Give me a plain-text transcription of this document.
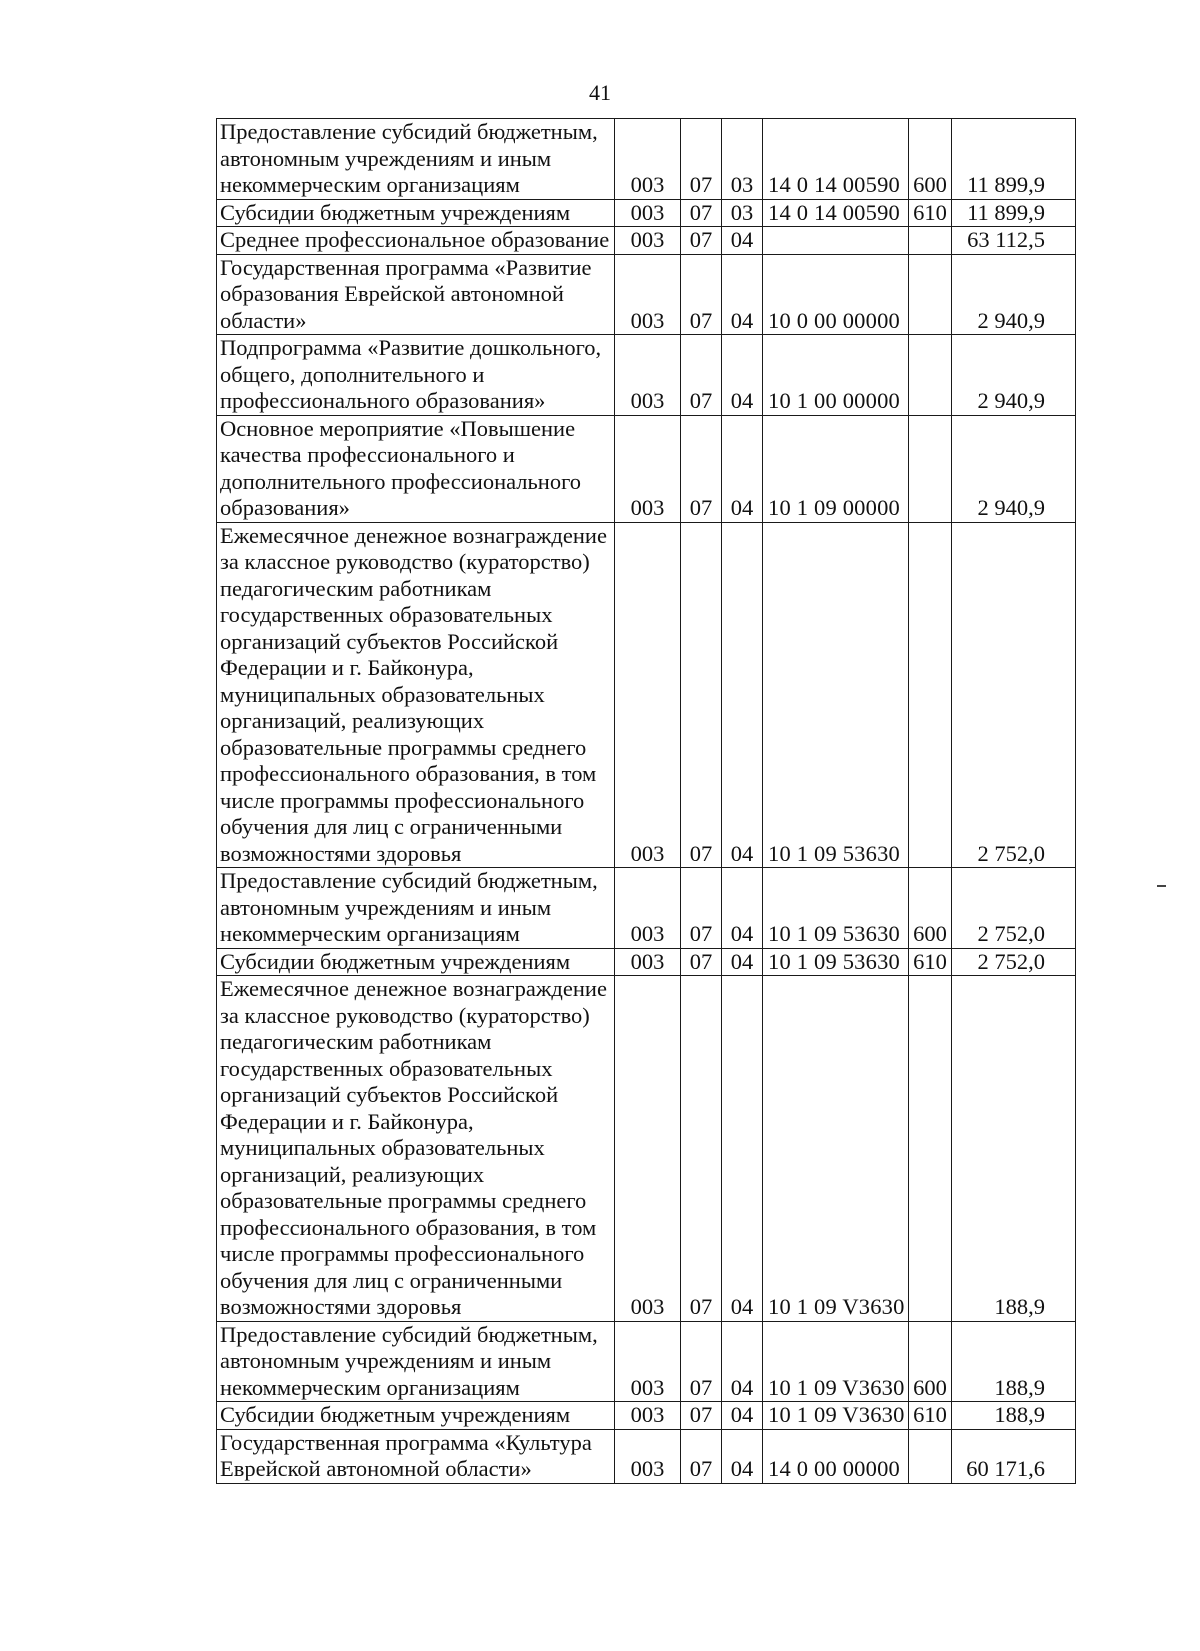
41
Предоставление субсидий бюджетным, автономным учреждениям и иным некоммерческим организациям	003	07	03	14 0 14 00590	600	11 899,9
Субсидии бюджетным учреждениям	003	07	03	14 0 14 00590	610	11 899,9
Среднее профессиональное образование	003	07	04			63 112,5
Государственная программа «Развитие образования Еврейской автономной области»	003	07	04	10 0 00 00000		2 940,9
Подпрограмма «Развитие дошкольного, общего, дополнительного и профессионального образования»	003	07	04	10 1 00 00000		2 940,9
Основное мероприятие «Повышение качества профессионального и дополнительного профессионального образования»	003	07	04	10 1 09 00000		2 940,9
Ежемесячное денежное вознаграждение за классное руководство (кураторство) педагогическим работникам государственных образовательных организаций субъектов Российской Федерации и г. Байконура, муниципальных образовательных организаций, реализующих образовательные программы среднего профессионального образования, в том числе программы профессионального обучения для лиц с ограниченными возможностями здоровья	003	07	04	10 1 09 53630		2 752,0
Предоставление субсидий бюджетным, автономным учреждениям и иным некоммерческим организациям	003	07	04	10 1 09 53630	600	2 752,0
Субсидии бюджетным учреждениям	003	07	04	10 1 09 53630	610	2 752,0
Ежемесячное денежное вознаграждение за классное руководство (кураторство) педагогическим работникам государственных образовательных организаций субъектов Российской Федерации и г. Байконура, муниципальных образовательных организаций, реализующих образовательные программы среднего профессионального образования, в том числе программы профессионального обучения для лиц с ограниченными возможностями здоровья	003	07	04	10 1 09 V3630		188,9
Предоставление субсидий бюджетным, автономным учреждениям и иным некоммерческим организациям	003	07	04	10 1 09 V3630	600	188,9
Субсидии бюджетным учреждениям	003	07	04	10 1 09 V3630	610	188,9
Государственная программа «Культура Еврейской автономной области»	003	07	04	14 0 00 00000		60 171,6
